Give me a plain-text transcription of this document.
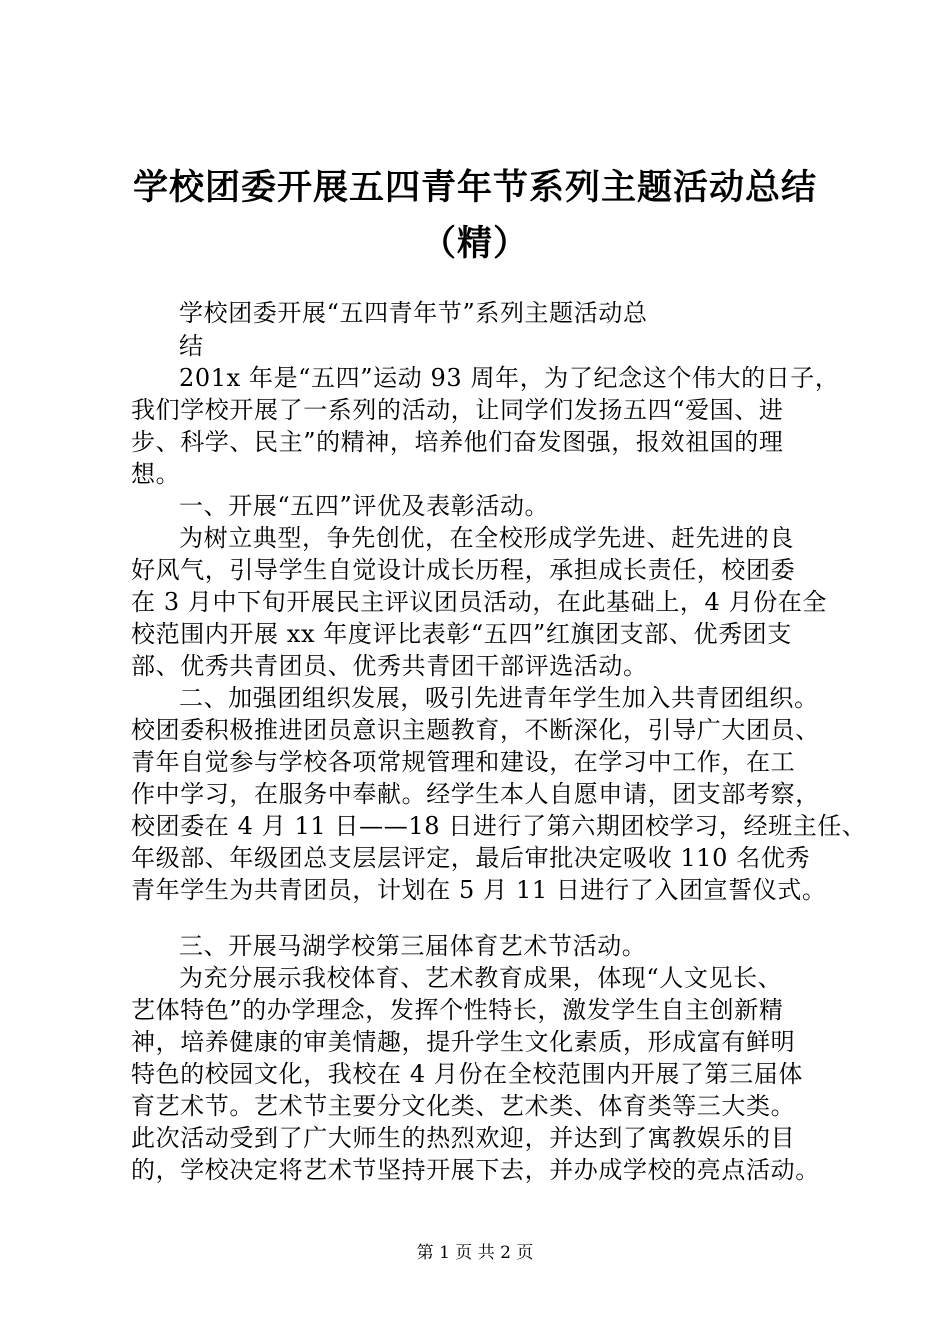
学校团委开展五四青年节系列主题活动总结
（精）
学校团委开展“五四青年节”系列主题活动总
结
201x 年是“五四”运动 93 周年，为了纪念这个伟大的日子，
我们学校开展了一系列的活动，让同学们发扬五四“爱国、进
步、科学、民主”的精神，培养他们奋发图强，报效祖国的理
想。
一、开展“五四”评优及表彰活动。
为树立典型，争先创优，在全校形成学先进、赶先进的良
好风气，引导学生自觉设计成长历程，承担成长责任，校团委
在 3 月中下旬开展民主评议团员活动，在此基础上，4 月份在全
校范围内开展 xx 年度评比表彰“五四”红旗团支部、优秀团支
部、优秀共青团员、优秀共青团干部评选活动。
二、加强团组织发展，吸引先进青年学生加入共青团组织。
校团委积极推进团员意识主题教育，不断深化，引导广大团员、
青年自觉参与学校各项常规管理和建设，在学习中工作，在工
作中学习，在服务中奉献。经学生本人自愿申请，团支部考察，
校团委在 4 月 11 日——18 日进行了第六期团校学习，经班主任、
年级部、年级团总支层层评定，最后审批决定吸收 110 名优秀
青年学生为共青团员，计划在 5 月 11 日进行了入团宣誓仪式。
三、开展马湖学校第三届体育艺术节活动。
为充分展示我校体育、艺术教育成果，体现“人文见长、
艺体特色”的办学理念，发挥个性特长，激发学生自主创新精
神，培养健康的审美情趣，提升学生文化素质，形成富有鲜明
特色的校园文化，我校在 4 月份在全校范围内开展了第三届体
育艺术节。艺术节主要分文化类、艺术类、体育类等三大类。
此次活动受到了广大师生的热烈欢迎，并达到了寓教娱乐的目
的，学校决定将艺术节坚持开展下去，并办成学校的亮点活动。
第 1 页 共 2 页
